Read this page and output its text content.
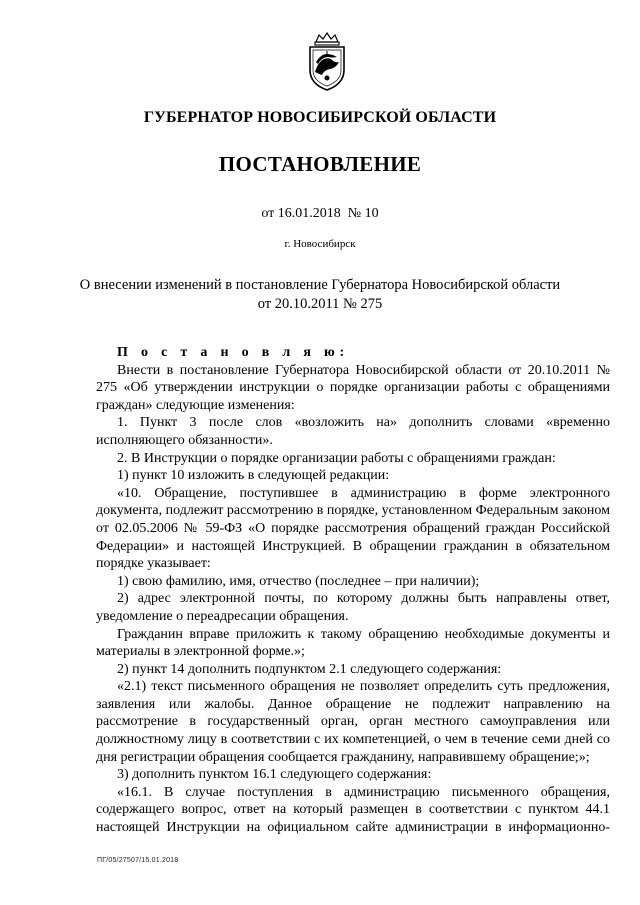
ГУБЕРНАТОР НОВОСИБИРСКОЙ ОБЛАСТИ
ПОСТАНОВЛЕНИЕ
от 16.01.2018  № 10
г. Новосибирск
О внесении изменений в постановление Губернатора Новосибирской области
от 20.10.2011 № 275

П о с т а н о в л я ю:

Внести в постановление Губернатора Новосибирской области от 20.10.2011 № 275 «Об утверждении инструкции о порядке организации работы с обращениями граждан» следующие изменения:

1. Пункт 3 после слов «возложить на» дополнить словами «временно исполняющего обязанности».

2. В Инструкции о порядке организации работы с обращениями граждан:

1) пункт 10 изложить в следующей редакции:

«10. Обращение, поступившее в администрацию в форме электронного документа, подлежит рассмотрению в порядке, установленном Федеральным законом от 02.05.2006 № 59-ФЗ «О порядке рассмотрения обращений граждан Российской Федерации» и настоящей Инструкцией. В обращении гражданин в обязательном порядке указывает:

1) свою фамилию, имя, отчество (последнее – при наличии);

2) адрес электронной почты, по которому должны быть направлены ответ, уведомление о переадресации обращения.

Гражданин вправе приложить к такому обращению необходимые документы и материалы в электронной форме.»;

2) пункт 14 дополнить подпунктом 2.1 следующего содержания:

«2.1) текст письменного обращения не позволяет определить суть предложения, заявления или жалобы. Данное обращение не подлежит направлению на рассмотрение в государственный орган, орган местного самоуправления или должностному лицу в соответствии с их компетенцией, о чем в течение семи дней со дня регистрации обращения сообщается гражданину, направившему обращение;»;

3) дополнить пунктом 16.1 следующего содержания:

«16.1. В случае поступления в администрацию письменного обращения, содержащего вопрос, ответ на который размещен в соответствии с пунктом 44.1 настоящей Инструкции на официальном сайте администрации в информационно-

ПГ/05/27507/15.01.2018
